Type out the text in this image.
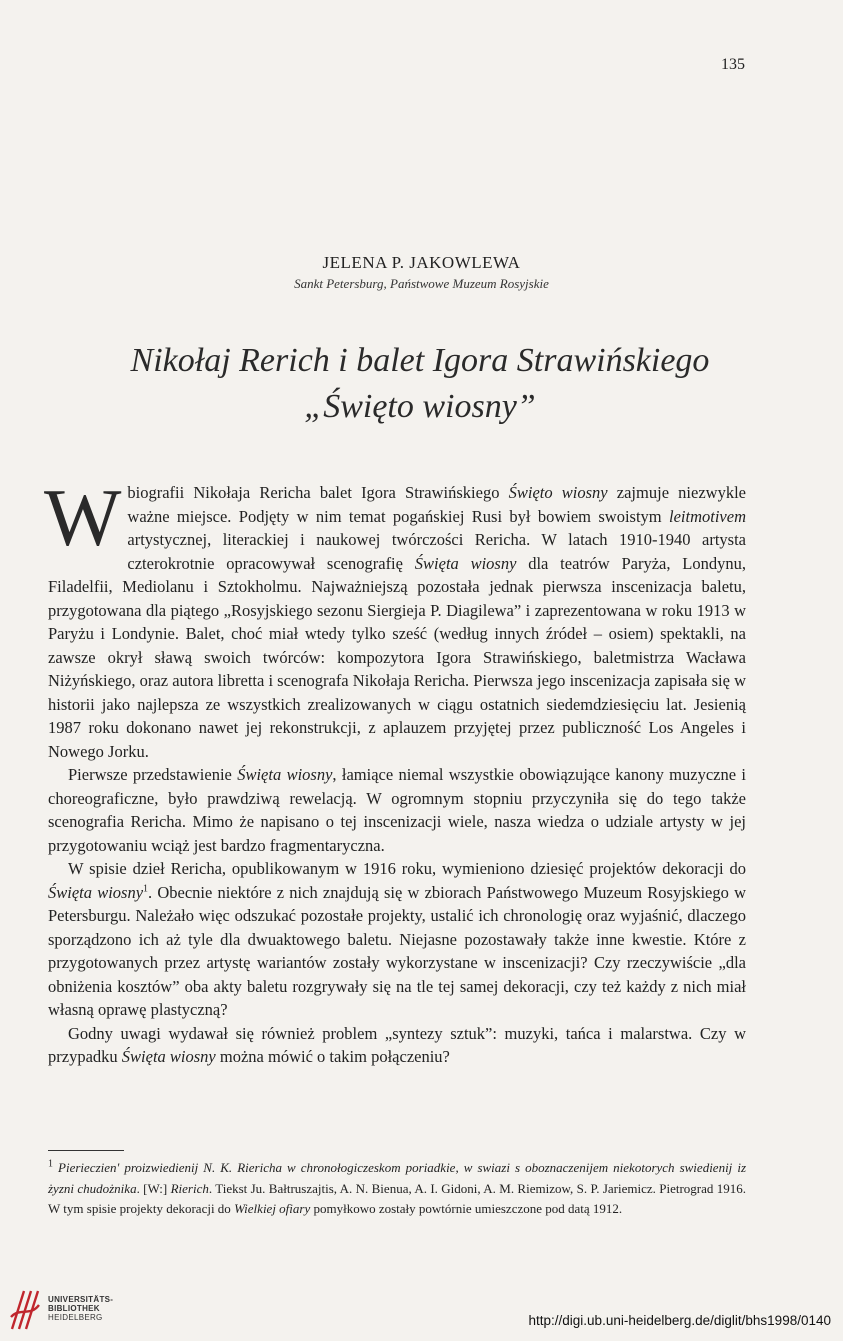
135
JELENA P. JAKOWLEWA
Sankt Petersburg, Państwowe Muzeum Rosyjskie
Nikołaj Rerich i balet Igora Strawińskiego
„Święto wiosny”

Wbiografii Nikołaja Rericha balet Igora Strawińskiego Święto wiosny zajmuje niezwykle ważne miejsce. Podjęty w nim temat pogańskiej Rusi był bowiem swoistym leitmotivem artystycznej, literackiej i naukowej twórczości Rericha. W latach 1910-1940 artysta czterokrotnie opracowywał scenografię Święta wiosny dla teatrów Paryża, Londynu, Filadelfii, Mediolanu i Sztokholmu. Najważniejszą pozostała jednak pierwsza inscenizacja baletu, przygotowana dla piątego „Rosyjskiego sezonu Siergieja P. Diagilewa” i zaprezentowana w roku 1913 w Paryżu i Londynie. Balet, choć miał wtedy tylko sześć (według innych źródeł – osiem) spektakli, na zawsze okrył sławą swoich twórców: kompozytora Igora Strawińskiego, baletmistrza Wacława Niżyńskiego, oraz autora libretta i scenografa Nikołaja Rericha. Pierwsza jego inscenizacja zapisała się w historii jako najlepsza ze wszystkich zrealizowanych w ciągu ostatnich siedemdziesięciu lat. Jesienią 1987 roku dokonano nawet jej rekonstrukcji, z aplauzem przyjętej przez publiczność Los Angeles i Nowego Jorku.

Pierwsze przedstawienie Święta wiosny, łamiące niemal wszystkie obowiązujące kanony muzyczne i choreograficzne, było prawdziwą rewelacją. W ogromnym stopniu przyczyniła się do tego także scenografia Rericha. Mimo że napisano o tej inscenizacji wiele, nasza wiedza o udziale artysty w jej przygotowaniu wciąż jest bardzo fragmentaryczna.

W spisie dzieł Rericha, opublikowanym w 1916 roku, wymieniono dziesięć projektów dekoracji do Święta wiosny$^1$. Obecnie niektóre z nich znajdują się w zbiorach Państwowego Muzeum Rosyjskiego w Petersburgu. Należało więc odszukać pozostałe projekty, ustalić ich chronologię oraz wyjaśnić, dlaczego sporządzono ich aż tyle dla dwuaktowego baletu. Niejasne pozostawały także inne kwestie. Które z przygotowanych przez artystę wariantów zostały wykorzystane w inscenizacji? Czy rzeczywiście „dla obniżenia kosztów” oba akty baletu rozgrywały się na tle tej samej dekoracji, czy też każdy z nich miał własną oprawę plastyczną?

Godny uwagi wydawał się również problem „syntezy sztuk”: muzyki, tańca i malarstwa. Czy w przypadku Święta wiosny można mówić o takim połączeniu?

$^1$ Pierieczien' proizwiedienij N. K. Riericha w chronołogiczeskom poriadkie, w swiazi s oboznaczenijem niekotorych swiedienij iz żyzni chudożnika. [W:] Rierich. Tiekst Ju. Bałtruszajtis, A. N. Bienua, A. I. Gidoni, A. M. Riemizow, S. P. Jariemicz. Pietrograd 1916. W tym spisie projekty dekoracji do Wielkiej ofiary pomyłkowo zostały powtórnie umieszczone pod datą 1912.
UNIVERSITÄTS-
BIBLIOTHEK
HEIDELBERG	http://digi.ub.uni-heidelberg.de/diglit/bhs1998/0140
